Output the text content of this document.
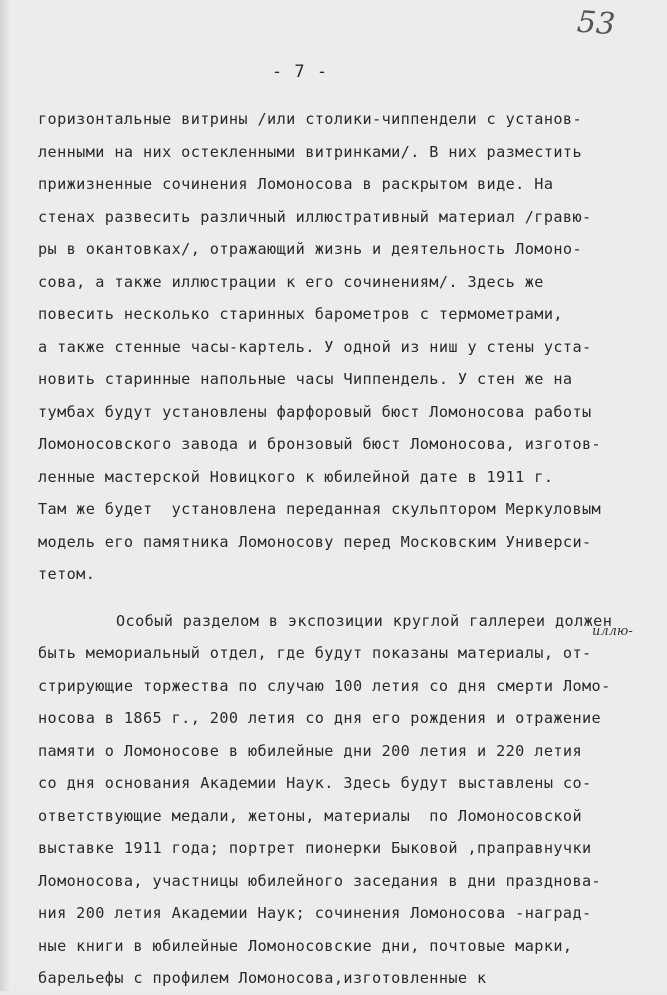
53
- 7 -
иллю-
горизонтальные витрины /или столики-чиппендели с установ-
ленными на них остекленными витринками/. В них разместить
прижизненные сочинения Ломоносова в раскрытом виде. На
стенах развесить различный иллюстративный материал /гравю-
ры в окантовках/, отражающий жизнь и деятельность Ломоно-
сова, а также иллюстрации к его сочинениям/. Здесь же
повесить несколько старинных барометров с термометрами,
а также стенные часы-картель. У одной из ниш у стены уста-
новить старинные напольные часы Чиппендель. У стен же на
тумбах будут установлены фарфоровый бюст Ломоносова работы
Ломоносовского завода и бронзовый бюст Ломоносова, изготов-
ленные мастерской Новицкого к юбилейной дате в 1911 г.
Там же будет  установлена переданная скульптором Меркуловым
модель его памятника Ломоносову перед Московским Универси-
тетом.
Особый разделом в экспозиции круглой галлереи должен
быть мемориальный отдел, где будут показаны материалы, от-
стрирующие торжества по случаю 100 летия со дня смерти Ломо-
носова в 1865 г., 200 летия со дня его рождения и отражение
памяти о Ломоносове в юбилейные дни 200 летия и 220 летия
со дня основания Академии Наук. Здесь будут выставлены со-
ответствующие медали, жетоны, материалы  по Ломоносовской
выставке 1911 года; портрет пионерки Быковой ,праправнучки
Ломоносова, участницы юбилейного заседания в дни празднова-
ния 200 летия Академии Наук; сочинения Ломоносова -наград-
ные книги в юбилейные Ломоносовские дни, почтовые марки,
барельефы с профилем Ломоносова,изготовленные к
